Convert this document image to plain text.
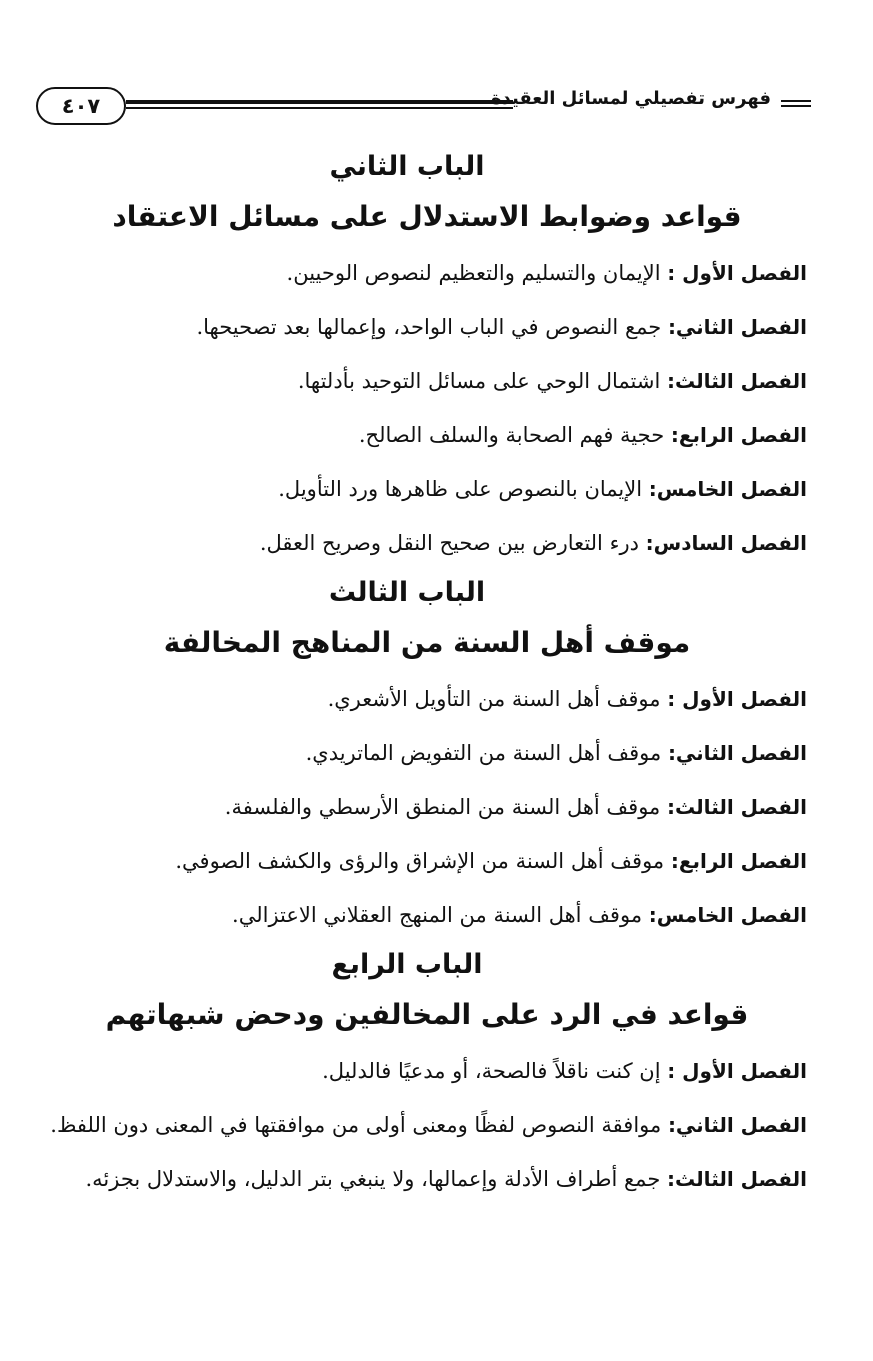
٤٠٧	فهرس تفصيلي لمسائل العقيدة
الباب الثاني
قواعد وضوابط الاستدلال على مسائل الاعتقاد
الفصل الأول : الإيمان والتسليم والتعظيم لنصوص الوحيين.
الفصل الثاني: جمع النصوص في الباب الواحد، وإعمالها بعد تصحيحها.
الفصل الثالث: اشتمال الوحي على مسائل التوحيد بأدلتها.
الفصل الرابع: حجية فهم الصحابة والسلف الصالح.
الفصل الخامس: الإيمان بالنصوص على ظاهرها ورد التأويل.
الفصل السادس: درء التعارض بين صحيح النقل وصريح العقل.
الباب الثالث
موقف أهل السنة من المناهج المخالفة
الفصل الأول : موقف أهل السنة من التأويل الأشعري.
الفصل الثاني: موقف أهل السنة من التفويض الماتريدي.
الفصل الثالث: موقف أهل السنة من المنطق الأرسطي والفلسفة.
الفصل الرابع: موقف أهل السنة من الإشراق والرؤى والكشف الصوفي.
الفصل الخامس: موقف أهل السنة من المنهج العقلاني الاعتزالي.
الباب الرابع
قواعد في الرد على المخالفين ودحض شبهاتهم
الفصل الأول : إن كنت ناقلاً فالصحة، أو مدعيًا فالدليل.
الفصل الثاني: موافقة النصوص لفظًا ومعنى أولى من موافقتها في المعنى دون اللفظ.
الفصل الثالث: جمع أطراف الأدلة وإعمالها، ولا ينبغي بتر الدليل، والاستدلال بجزئه.
